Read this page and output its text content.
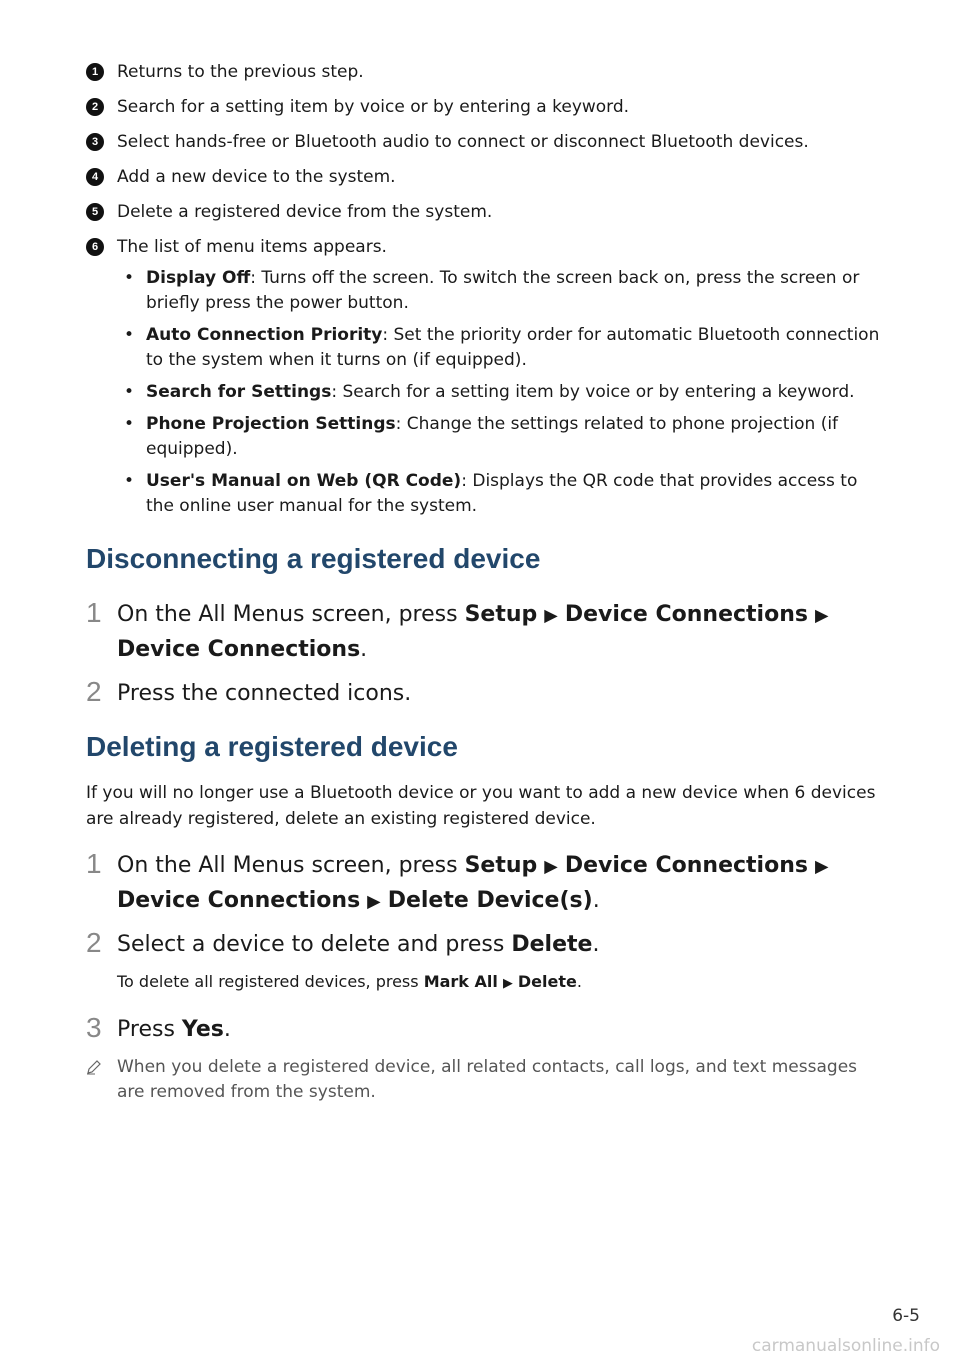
1	Returns to the previous step.
2	Search for a setting item by voice or by entering a keyword.
3	Select hands-free or Bluetooth audio to connect or disconnect Bluetooth devices.
4	Add a new device to the system.
5	Delete a registered device from the system.
6	The list of menu items appears.
• Display Off: Turns off the screen. To switch the screen back on, press the screen or briefly press the power button.
• Auto Connection Priority: Set the priority order for automatic Bluetooth connection to the system when it turns on (if equipped).
• Search for Settings: Search for a setting item by voice or by entering a keyword.
• Phone Projection Settings: Change the settings related to phone projection (if equipped).
• User's Manual on Web (QR Code): Displays the QR code that provides access to the online user manual for the system.
Disconnecting a registered device
1 On the All Menus screen, press Setup ▶ Device Connections ▶ Device Connections.
2 Press the connected icons.
Deleting a registered device
If you will no longer use a Bluetooth device or you want to add a new device when 6 devices are already registered, delete an existing registered device.
1 On the All Menus screen, press Setup ▶ Device Connections ▶ Device Connections ▶ Delete Device(s).
2 Select a device to delete and press Delete.
To delete all registered devices, press Mark All ▶ Delete.
3 Press Yes.
When you delete a registered device, all related contacts, call logs, and text messages are removed from the system.
6-5
carmanualsonline.info
